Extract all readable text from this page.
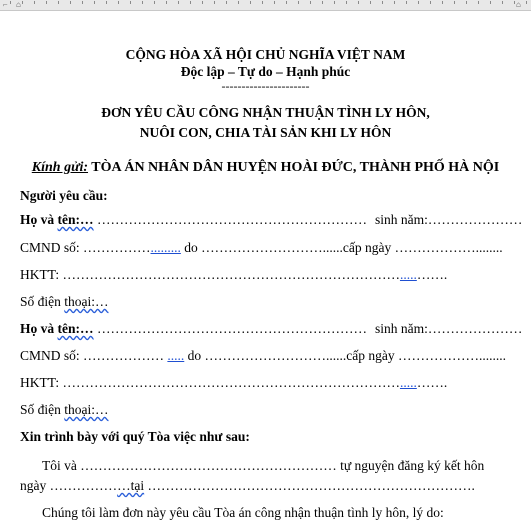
⌐ ⌂	⌂
CỘNG HÒA XÃ HỘI CHỦ NGHĨA VIỆT NAM
Độc lập – Tự do – Hạnh phúc
----------------------
ĐƠN YÊU CẦU CÔNG NHẬN THUẬN TÌNH LY HÔN,
NUÔI CON, CHIA TÀI SẢN KHI LY HÔN
Kính gửi: TÒA ÁN NHÂN DÂN HUYỆN HOÀI ĐỨC, THÀNH PHỐ HÀ NỘI
Người yêu cầu:
Họ và tên:… …………………………………………………… sinh năm:…………………
CMND số: ……………......... do ………………………......cấp ngày ………………........
HKTT: ………………………………………………………………….....…….
Số điện thoại:…
Họ và tên:… …………………………………………………… sinh năm:…………………
CMND số: ……………… ..... do ………………………......cấp ngày ………………........
HKTT: ………………………………………………………………….....…….
Số điện thoại:…
Xin trình bày với quý Tòa việc như sau:
Tôi và ………………………………………………… tự nguyện đăng ký kết hôn
ngày ………………tại ……………………………………………………………….
Chúng tôi làm đơn này yêu cầu Tòa án công nhận thuận tình ly hôn, lý do:
